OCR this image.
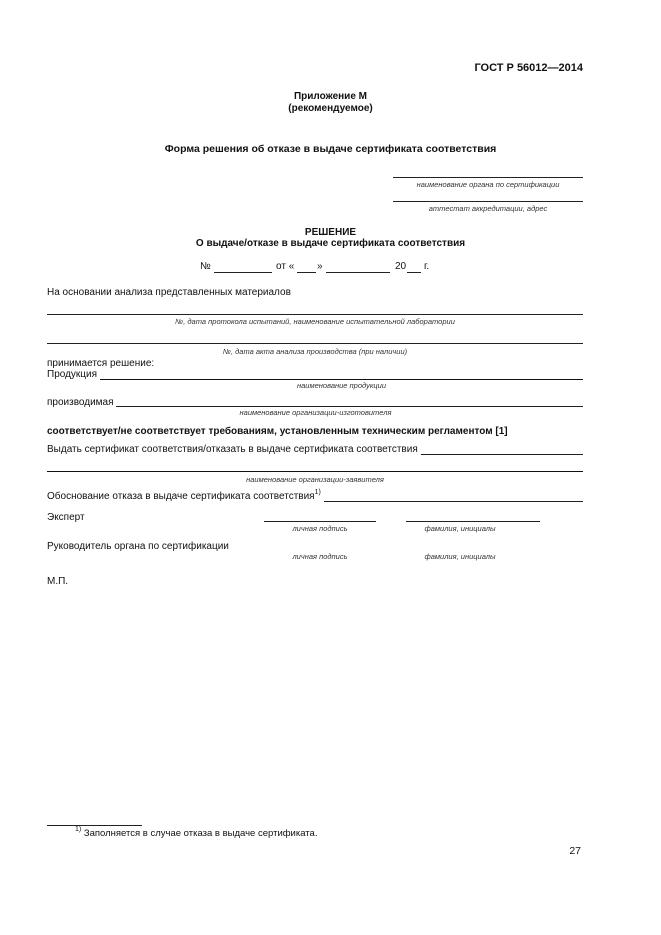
ГОСТ Р 56012—2014
Приложение М
(рекомендуемое)
Форма решения об отказе в выдаче сертификата соответствия
наименование органа по сертификации
аттестат аккредитации, адрес
РЕШЕНИЕ
О выдаче/отказе в выдаче сертификата соответствия
№	от « »	20 г.
На основании анализа представленных материалов
№, дата протокола испытаний, наименование испытательной лаборатории
№, дата акта анализа производства (при наличии)
принимается решение:
Продукция
наименование продукции
производимая
наименование организации-изготовителя
соответствует/не соответствует требованиям, установленным техническим регламентом [1]
Выдать сертификат соответствия/отказать в выдаче сертификата соответствия
наименование организации-заявителя
Обоснование отказа в выдаче сертификата соответствия$^{1)}$
Эксперт
личная подпись	фамилия, инициалы
Руководитель органа по сертификации
личная подпись	фамилия, инициалы
М.П.
$^{1)}$ Заполняется в случае отказа в выдаче сертификата.
27
